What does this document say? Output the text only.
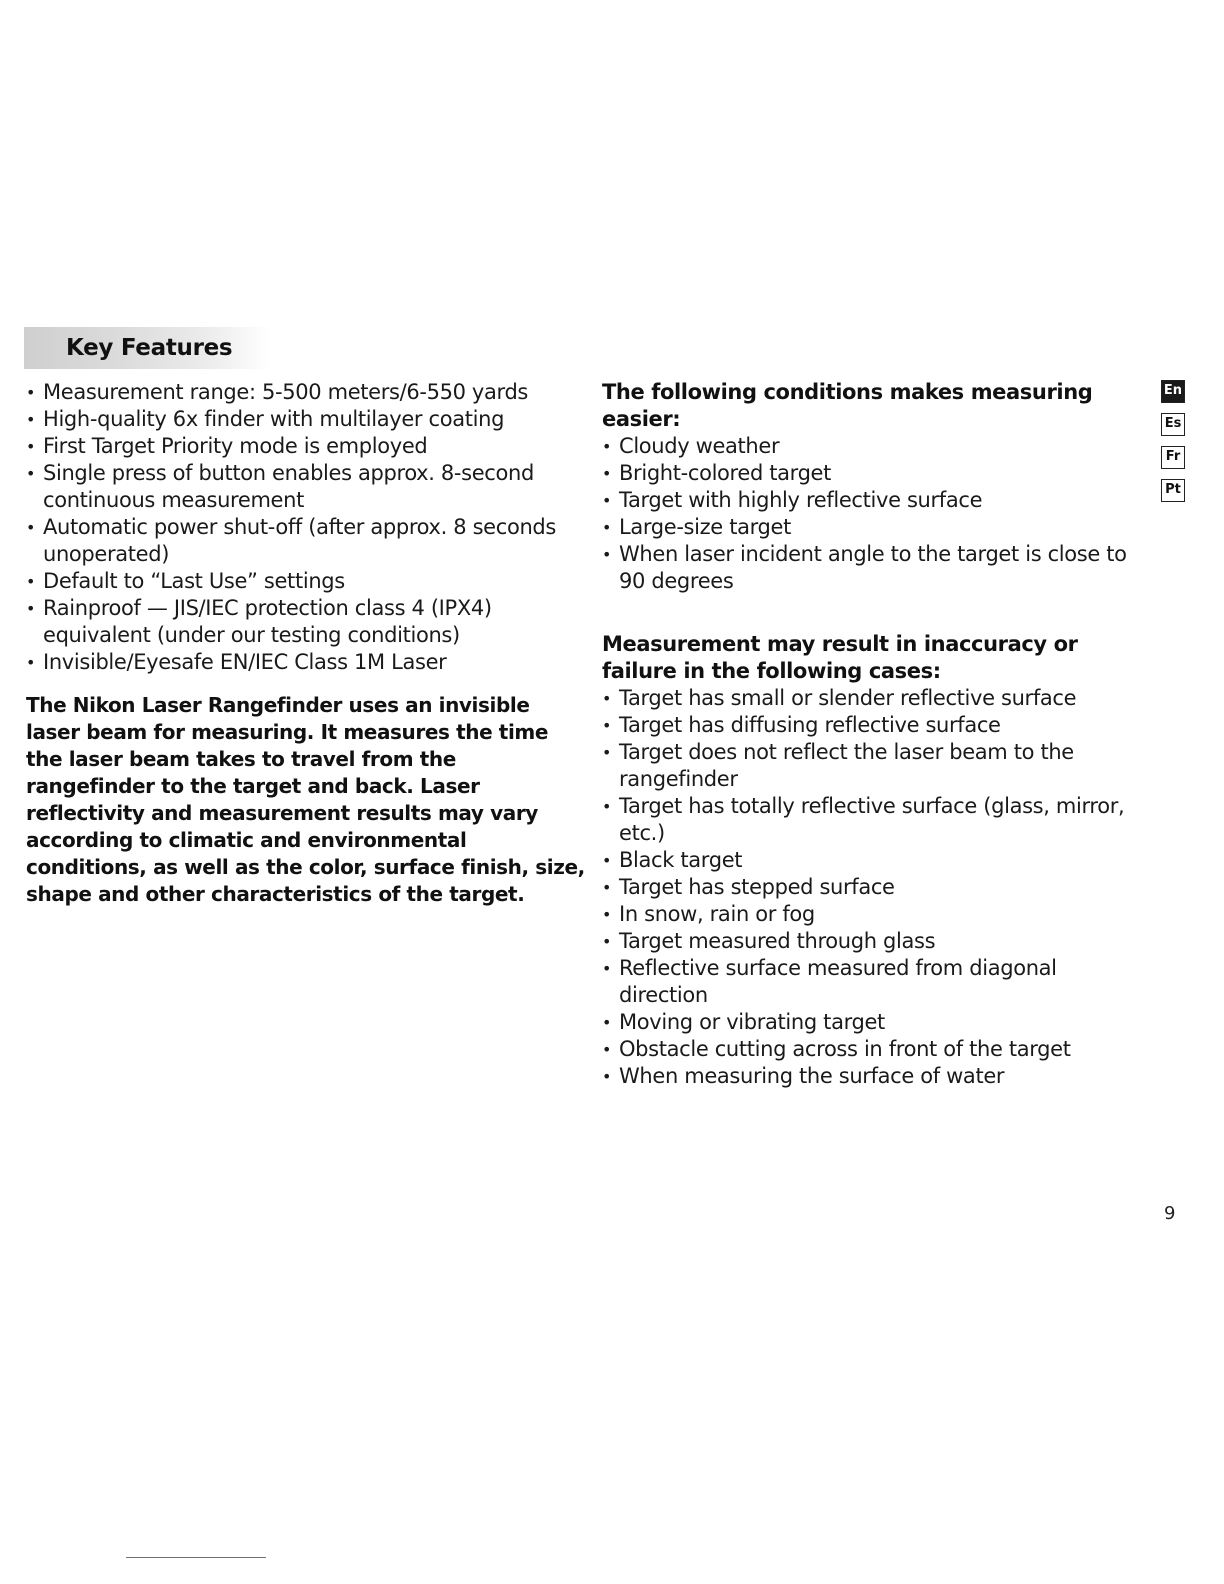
Key Features
• Measurement range: 5-500 meters/6-550 yards
• High-quality 6x finder with multilayer coating
• First Target Priority mode is employed
• Single press of button enables approx. 8-second continuous measurement
• Automatic power shut-off (after approx. 8 seconds unoperated)
• Default to “Last Use” settings
• Rainproof — JIS/IEC protection class 4 (IPX4) equivalent (under our testing conditions)
• Invisible/Eyesafe EN/IEC Class 1M Laser

The Nikon Laser Rangefinder uses an invisible laser beam for measuring. It measures the time the laser beam takes to travel from the rangefinder to the target and back. Laser reflectivity and measurement results may vary according to climatic and environmental conditions, as well as the color, surface finish, size, shape and other characteristics of the target.

The following conditions makes measuring easier:

• Cloudy weather
• Bright-colored target
• Target with highly reflective surface
• Large-size target
• When laser incident angle to the target is close to 90 degrees

Measurement may result in inaccuracy or failure in the following cases:

• Target has small or slender reflective surface
• Target has diffusing reflective surface
• Target does not reflect the laser beam to the rangefinder
• Target has totally reflective surface (glass, mirror, etc.)
• Black target
• Target has stepped surface
• In snow, rain or fog
• Target measured through glass
• Reflective surface measured from diagonal direction
• Moving or vibrating target
• Obstacle cutting across in front of the target
• When measuring the surface of water
En
Es
Fr
Pt
9
